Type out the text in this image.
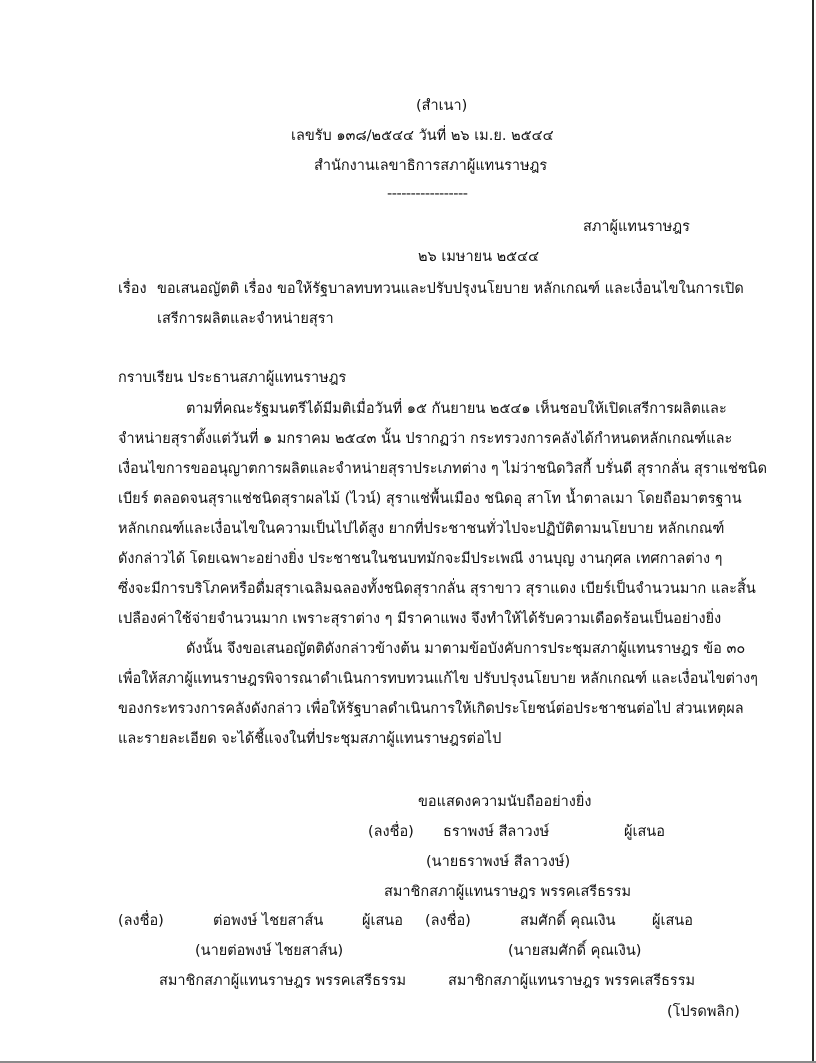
(สำเนา)
เลขรับ ๑๓๘/๒๕๔๔ วันที่ ๒๖ เม.ย. ๒๕๔๔
สำนักงานเลขาธิการสภาผู้แทนราษฎร
-----------------
สภาผู้แทนราษฎร
๒๖ เมษายน ๒๕๔๔
เรื่อง ขอเสนอญัตติ เรื่อง ขอให้รัฐบาลทบทวนและปรับปรุงนโยบาย หลักเกณฑ์ และเงื่อนไขในการเปิด
เสรีการผลิตและจำหน่ายสุรา
กราบเรียน ประธานสภาผู้แทนราษฎร
ตามที่คณะรัฐมนตรีได้มีมติเมื่อวันที่ ๑๕ กันยายน ๒๕๔๑ เห็นชอบให้เปิดเสรีการผลิตและ
จำหน่ายสุราตั้งแต่วันที่ ๑ มกราคม ๒๕๔๓ นั้น ปรากฏว่า กระทรวงการคลังได้กำหนดหลักเกณฑ์และ
เงื่อนไขการขออนุญาตการผลิตและจำหน่ายสุราประเภทต่าง ๆ ไม่ว่าชนิดวิสกี้ บรั่นดี สุรากลั่น สุราแช่ชนิด
เบียร์ ตลอดจนสุราแช่ชนิดสุราผลไม้ (ไวน์) สุราแช่พื้นเมือง ชนิดอุ สาโท น้ำตาลเมา โดยถือมาตรฐาน
หลักเกณฑ์และเงื่อนไขในความเป็นไปได้สูง ยากที่ประชาชนทั่วไปจะปฏิบัติตามนโยบาย หลักเกณฑ์
ดังกล่าวได้ โดยเฉพาะอย่างยิ่ง ประชาชนในชนบทมักจะมีประเพณี งานบุญ งานกุศล เทศกาลต่าง ๆ
ซึ่งจะมีการบริโภคหรือดื่มสุราเฉลิมฉลองทั้งชนิดสุรากลั่น สุราขาว สุราแดง เบียร์เป็นจำนวนมาก และสิ้น
เปลืองค่าใช้จ่ายจำนวนมาก เพราะสุราต่าง ๆ มีราคาแพง จึงทำให้ได้รับความเดือดร้อนเป็นอย่างยิ่ง
ดังนั้น จึงขอเสนอญัตติดังกล่าวข้างต้น มาตามข้อบังคับการประชุมสภาผู้แทนราษฎร ข้อ ๓๐
เพื่อให้สภาผู้แทนราษฎรพิจารณาดำเนินการทบทวนแก้ไข ปรับปรุงนโยบาย หลักเกณฑ์ และเงื่อนไขต่างๆ
ของกระทรวงการคลังดังกล่าว เพื่อให้รัฐบาลดำเนินการให้เกิดประโยชน์ต่อประชาชนต่อไป ส่วนเหตุผล
และรายละเอียด จะได้ชี้แจงในที่ประชุมสภาผู้แทนราษฎรต่อไป
ขอแสดงความนับถืออย่างยิ่ง
(ลงชื่อ) ธราพงษ์ สีลาวงษ์	ผู้เสนอ
(นายธราพงษ์ สีลาวงษ์)
สมาชิกสภาผู้แทนราษฎร พรรคเสรีธรรม
(ลงชื่อ)	ต่อพงษ์ ไชยสาส์น	ผู้เสนอ
(นายต่อพงษ์ ไชยสาส์น)
สมาชิกสภาผู้แทนราษฎร พรรคเสรีธรรม
(ลงชื่อ)	สมศักดิ์ คุณเงิน	ผู้เสนอ
(นายสมศักดิ์ คุณเงิน)
สมาชิกสภาผู้แทนราษฎร พรรคเสรีธรรม
(โปรดพลิก)
